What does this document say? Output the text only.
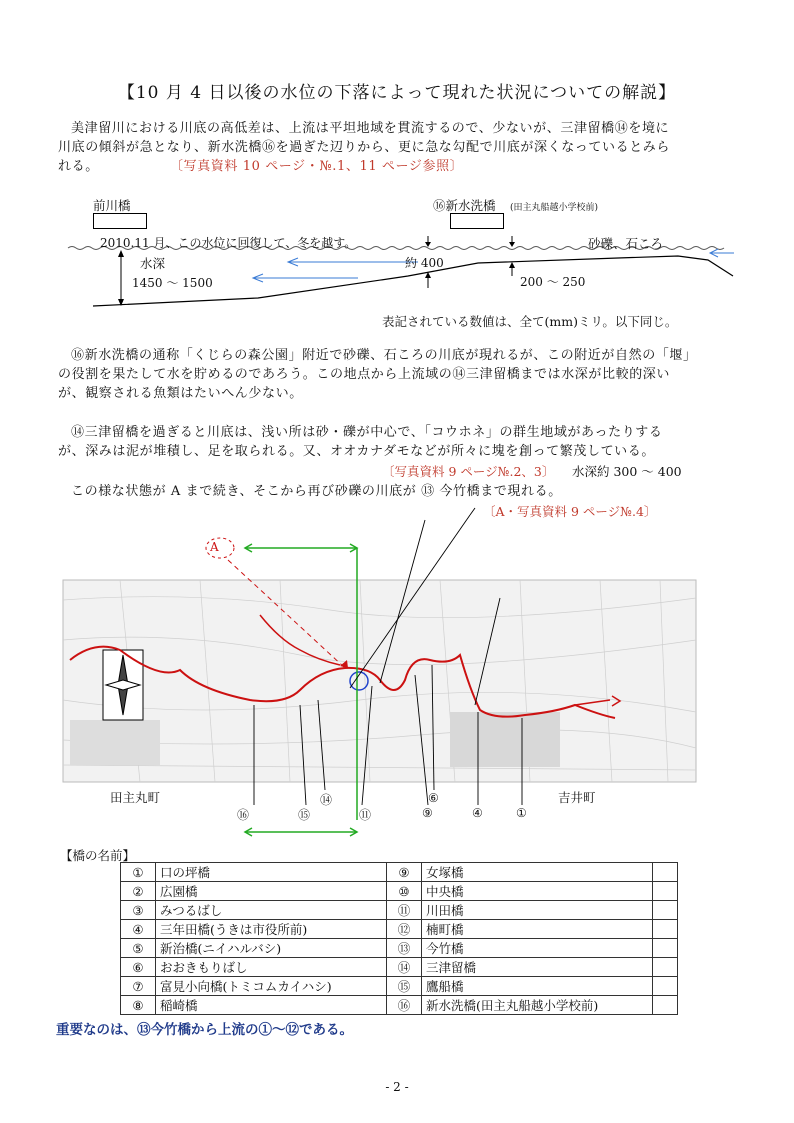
【10 月 4 日以後の水位の下落によって現れた状況についての解説】
美津留川における川底の高低差は、上流は平坦地域を貫流するので、少ないが、三津留橋⑭を境に
川底の傾斜が急となり、新水洗橋⑯を過ぎた辺りから、更に急な勾配で川底が深くなっているとみら
れる。	〔写真資料 10 ページ・№.1、11 ページ参照〕
前川橋	⑯新水洗橋 (田主丸船越小学校前)
2010.11 月、この水位に回復して、冬を越す。	砂礫、石ころ
水深
1450 〜 1500
約 400
200 〜 250
表記されている数値は、全て(mm)ミリ。以下同じ。
⑯新水洗橋の通称「くじらの森公園」附近で砂礫、石ころの川底が現れるが、この附近が自然の「堰」
の役割を果たして水を貯めるのであろう。この地点から上流域の⑭三津留橋までは水深が比較的深い
が、観察される魚類はたいへん少ない。
⑭三津留橋を過ぎると川底は、浅い所は砂・礫が中心で、「コウホネ」の群生地域があったりする
が、深みは泥が堆積し、足を取られる。又、オオカナダモなどが所々に塊を創って繁茂している。
〔写真資料 9 ページ№.2、3〕 水深約 300 〜 400
この様な状態が A まで続き、そこから再び砂礫の川底が ⑬ 今竹橋まで現れる。
〔A・写真資料 9 ページ№.4〕
A
田主丸町	吉井町
⑯	⑮
⑭
⑪	⑨
⑥
④	①
【橋の名前】
①	口の坪橋	⑨	女塚橋	
②	広園橋	⑩	中央橋	
③	みつるばし	⑪	川田橋	
④	三年田橋(うきは市役所前)	⑫	楠町橋	
⑤	新治橋(ニイハルバシ)	⑬	今竹橋	
⑥	おおきもりばし	⑭	三津留橋	
⑦	富見小向橋(トミコムカイハシ)	⑮	鷹船橋	
⑧	稲崎橋	⑯	新水洗橋(田主丸船越小学校前)	
重要なのは、⑬今竹橋から上流の①〜⑫である。
- 2 -
